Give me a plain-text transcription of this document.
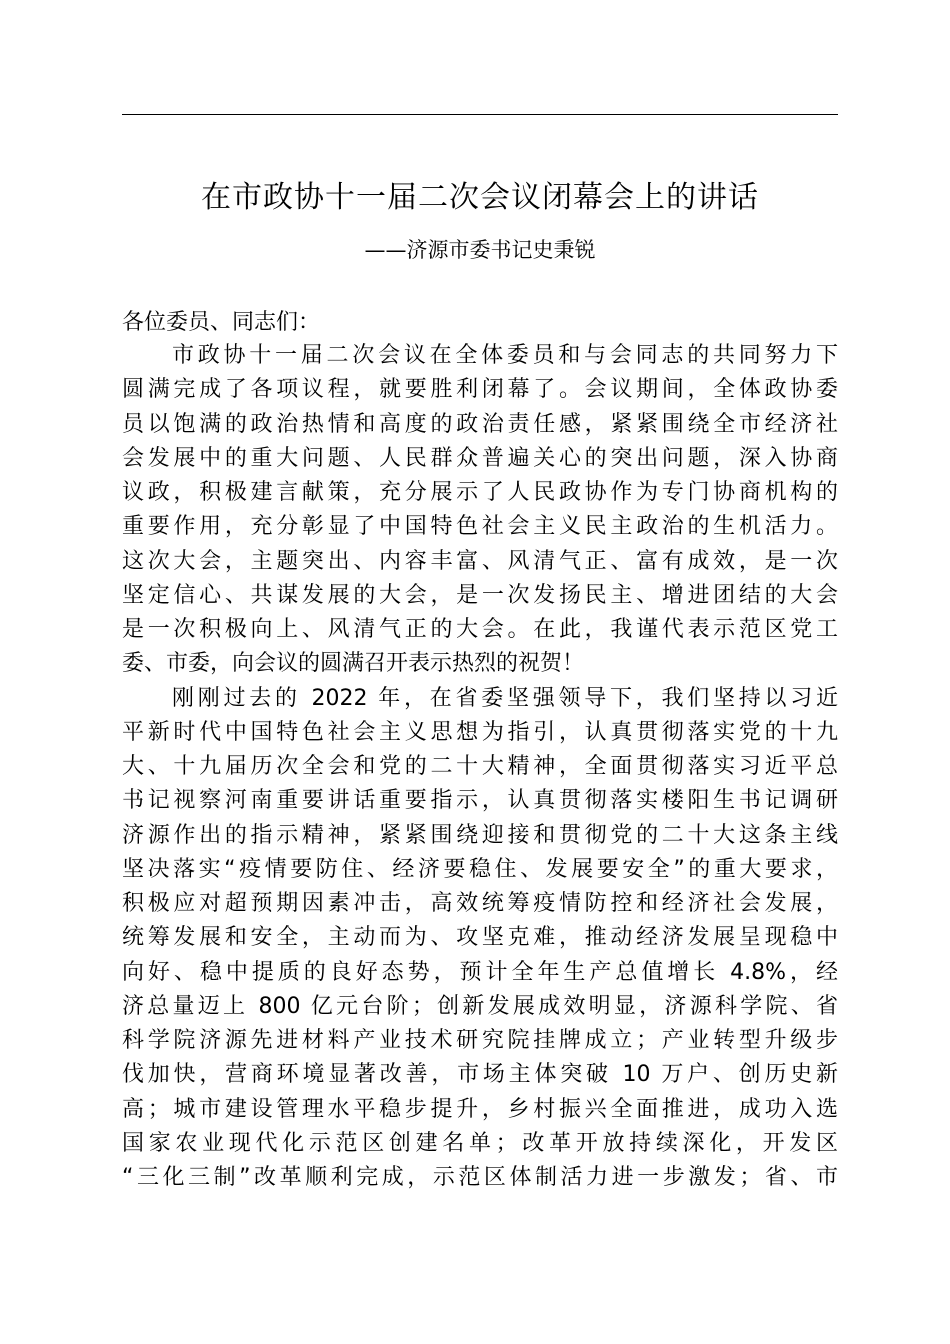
在市政协十一届二次会议闭幕会上的讲话
——济源市委书记史秉锐
各位委员、同志们：
市政协十一届二次会议在全体委员和与会同志的共同努力下
圆满完成了各项议程，就要胜利闭幕了。会议期间，全体政协委
员以饱满的政治热情和高度的政治责任感，紧紧围绕全市经济社
会发展中的重大问题、人民群众普遍关心的突出问题，深入协商
议政，积极建言献策，充分展示了人民政协作为专门协商机构的
重要作用，充分彰显了中国特色社会主义民主政治的生机活力。
这次大会，主题突出、内容丰富、风清气正、富有成效，是一次
坚定信心、共谋发展的大会，是一次发扬民主、增进团结的大会
是一次积极向上、风清气正的大会。在此，我谨代表示范区党工
委、市委，向会议的圆满召开表示热烈的祝贺！
刚刚过去的 2022 年，在省委坚强领导下，我们坚持以习近
平新时代中国特色社会主义思想为指引，认真贯彻落实党的十九
大、十九届历次全会和党的二十大精神，全面贯彻落实习近平总
书记视察河南重要讲话重要指示，认真贯彻落实楼阳生书记调研
济源作出的指示精神，紧紧围绕迎接和贯彻党的二十大这条主线
坚决落实“疫情要防住、经济要稳住、发展要安全”的重大要求，
积极应对超预期因素冲击，高效统筹疫情防控和经济社会发展，
统筹发展和安全，主动而为、攻坚克难，推动经济发展呈现稳中
向好、稳中提质的良好态势，预计全年生产总值增长 4.8%，经
济总量迈上 800 亿元台阶；创新发展成效明显，济源科学院、省
科学院济源先进材料产业技术研究院挂牌成立；产业转型升级步
伐加快，营商环境显著改善，市场主体突破 10 万户、创历史新
高；城市建设管理水平稳步提升，乡村振兴全面推进，成功入选
国家农业现代化示范区创建名单；改革开放持续深化，开发区
“三化三制”改革顺利完成，示范区体制活力进一步激发；省、市
